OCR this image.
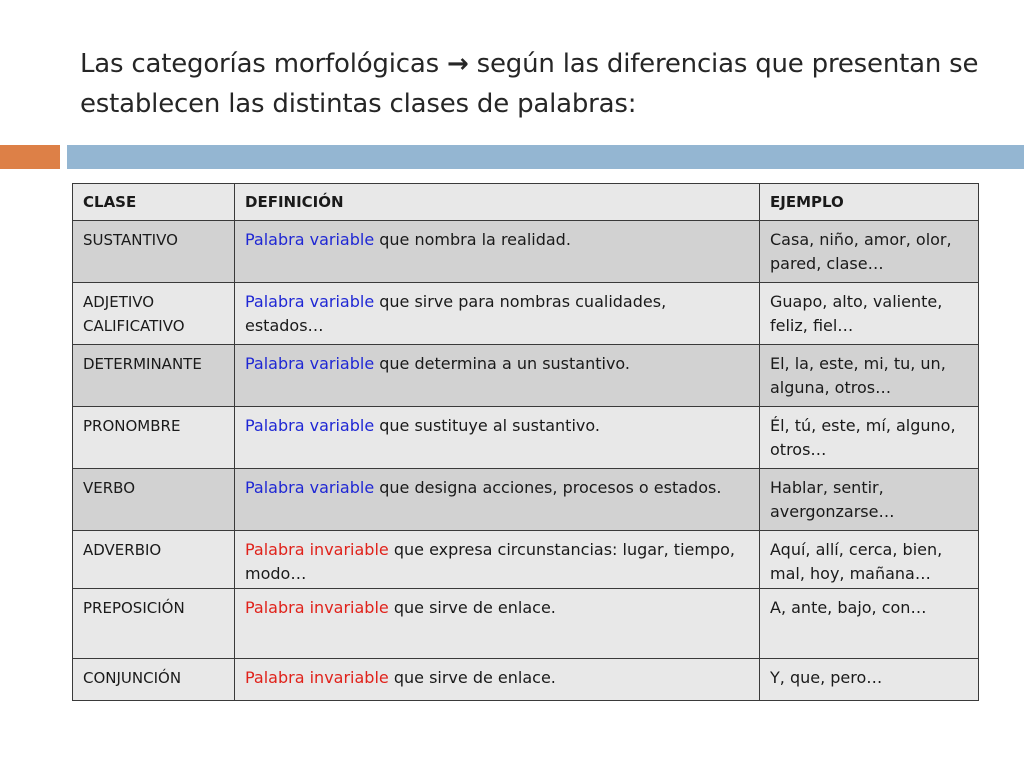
Las categorías morfológicas → según las diferencias que presentan se establecen las distintas clases de palabras:
CLASE	DEFINICIÓN	EJEMPLO
SUSTANTIVO	Palabra variable que nombra la realidad.	Casa, niño, amor, olor, pared, clase…
ADJETIVO CALIFICATIVO	Palabra variable que sirve para nombras cualidades, estados…	Guapo, alto, valiente, feliz, fiel…
DETERMINANTE	Palabra variable que determina a un sustantivo.	El, la, este, mi, tu, un, alguna, otros…
PRONOMBRE	Palabra variable que sustituye al sustantivo.	Él, tú, este, mí, alguno, otros…
VERBO	Palabra variable que designa acciones, procesos o estados.	Hablar, sentir, avergonzarse…
ADVERBIO	Palabra invariable que expresa circunstancias: lugar, tiempo, modo…	Aquí, allí, cerca, bien, mal, hoy, mañana…
PREPOSICIÓN	Palabra invariable que sirve de enlace.	A, ante, bajo, con…
CONJUNCIÓN	Palabra invariable que sirve de enlace.	Y, que, pero…
